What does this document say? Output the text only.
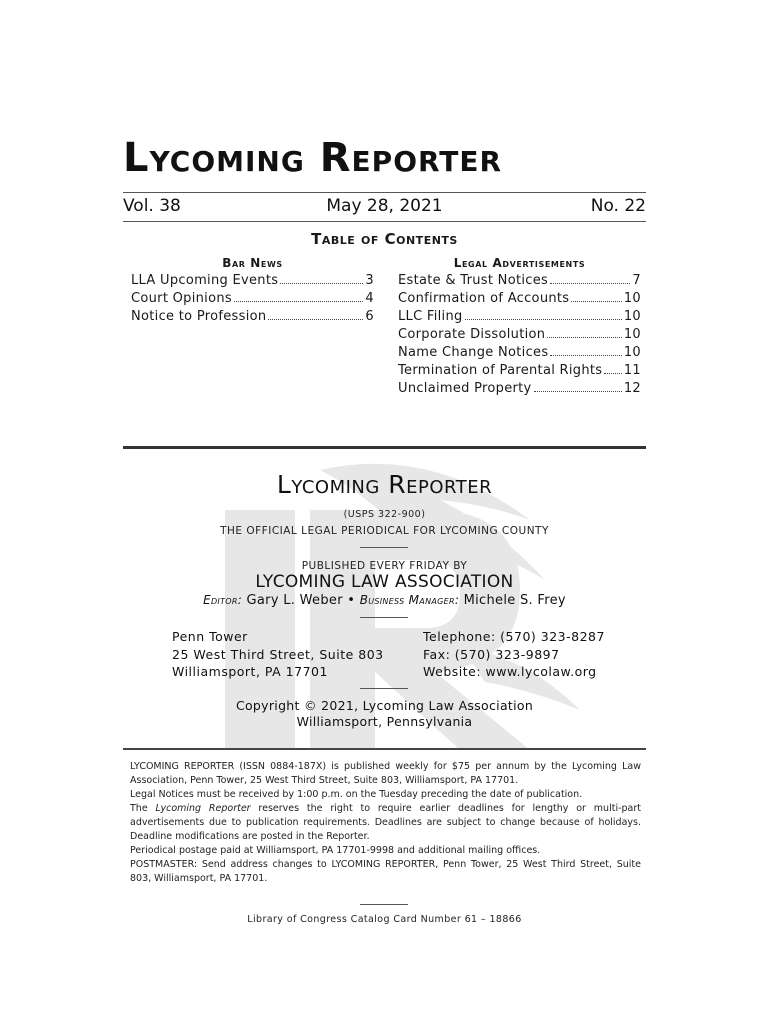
Lycoming Reporter
Vol. 38	May 28, 2021	No. 22
Table of Contents
Bar News
LLA Upcoming Events	3
Court Opinions	4
Notice to Profession	6
Legal Advertisements
Estate & Trust Notices	7
Confirmation of Accounts	10
LLC Filing	10
Corporate Dissolution	10
Name Change Notices	10
Termination of Parental Rights 11
Unclaimed Property	12
Lycoming Reporter
(USPS 322-900)
THE OFFICIAL LEGAL PERIODICAL FOR LYCOMING COUNTY
PUBLISHED EVERY FRIDAY BY
LYCOMING LAW ASSOCIATION
Editor: Gary L. Weber • Business Manager: Michele S. Frey
Penn Tower
25 West Third Street, Suite 803
Williamsport, PA 17701
Telephone: (570) 323-8287
Fax: (570) 323-9897
Website: www.lycolaw.org
Copyright © 2021, Lycoming Law Association
Williamsport, Pennsylvania

LYCOMING REPORTER (ISSN 0884-187X) is published weekly for $75 per annum by the Lycoming Law Association, Penn Tower, 25 West Third Street, Suite 803, Williamsport, PA 17701.

Legal Notices must be received by 1:00 p.m. on the Tuesday preceding the date of publication.

The Lycoming Reporter reserves the right to require earlier deadlines for lengthy or multi-part advertisements due to publication requirements. Deadlines are subject to change because of holidays. Deadline modifications are posted in the Reporter.

Periodical postage paid at Williamsport, PA 17701-9998 and additional mailing offices.

POSTMASTER: Send address changes to LYCOMING REPORTER, Penn Tower, 25 West Third Street, Suite 803, Williamsport, PA 17701.

Library of Congress Catalog Card Number 61 – 18866
